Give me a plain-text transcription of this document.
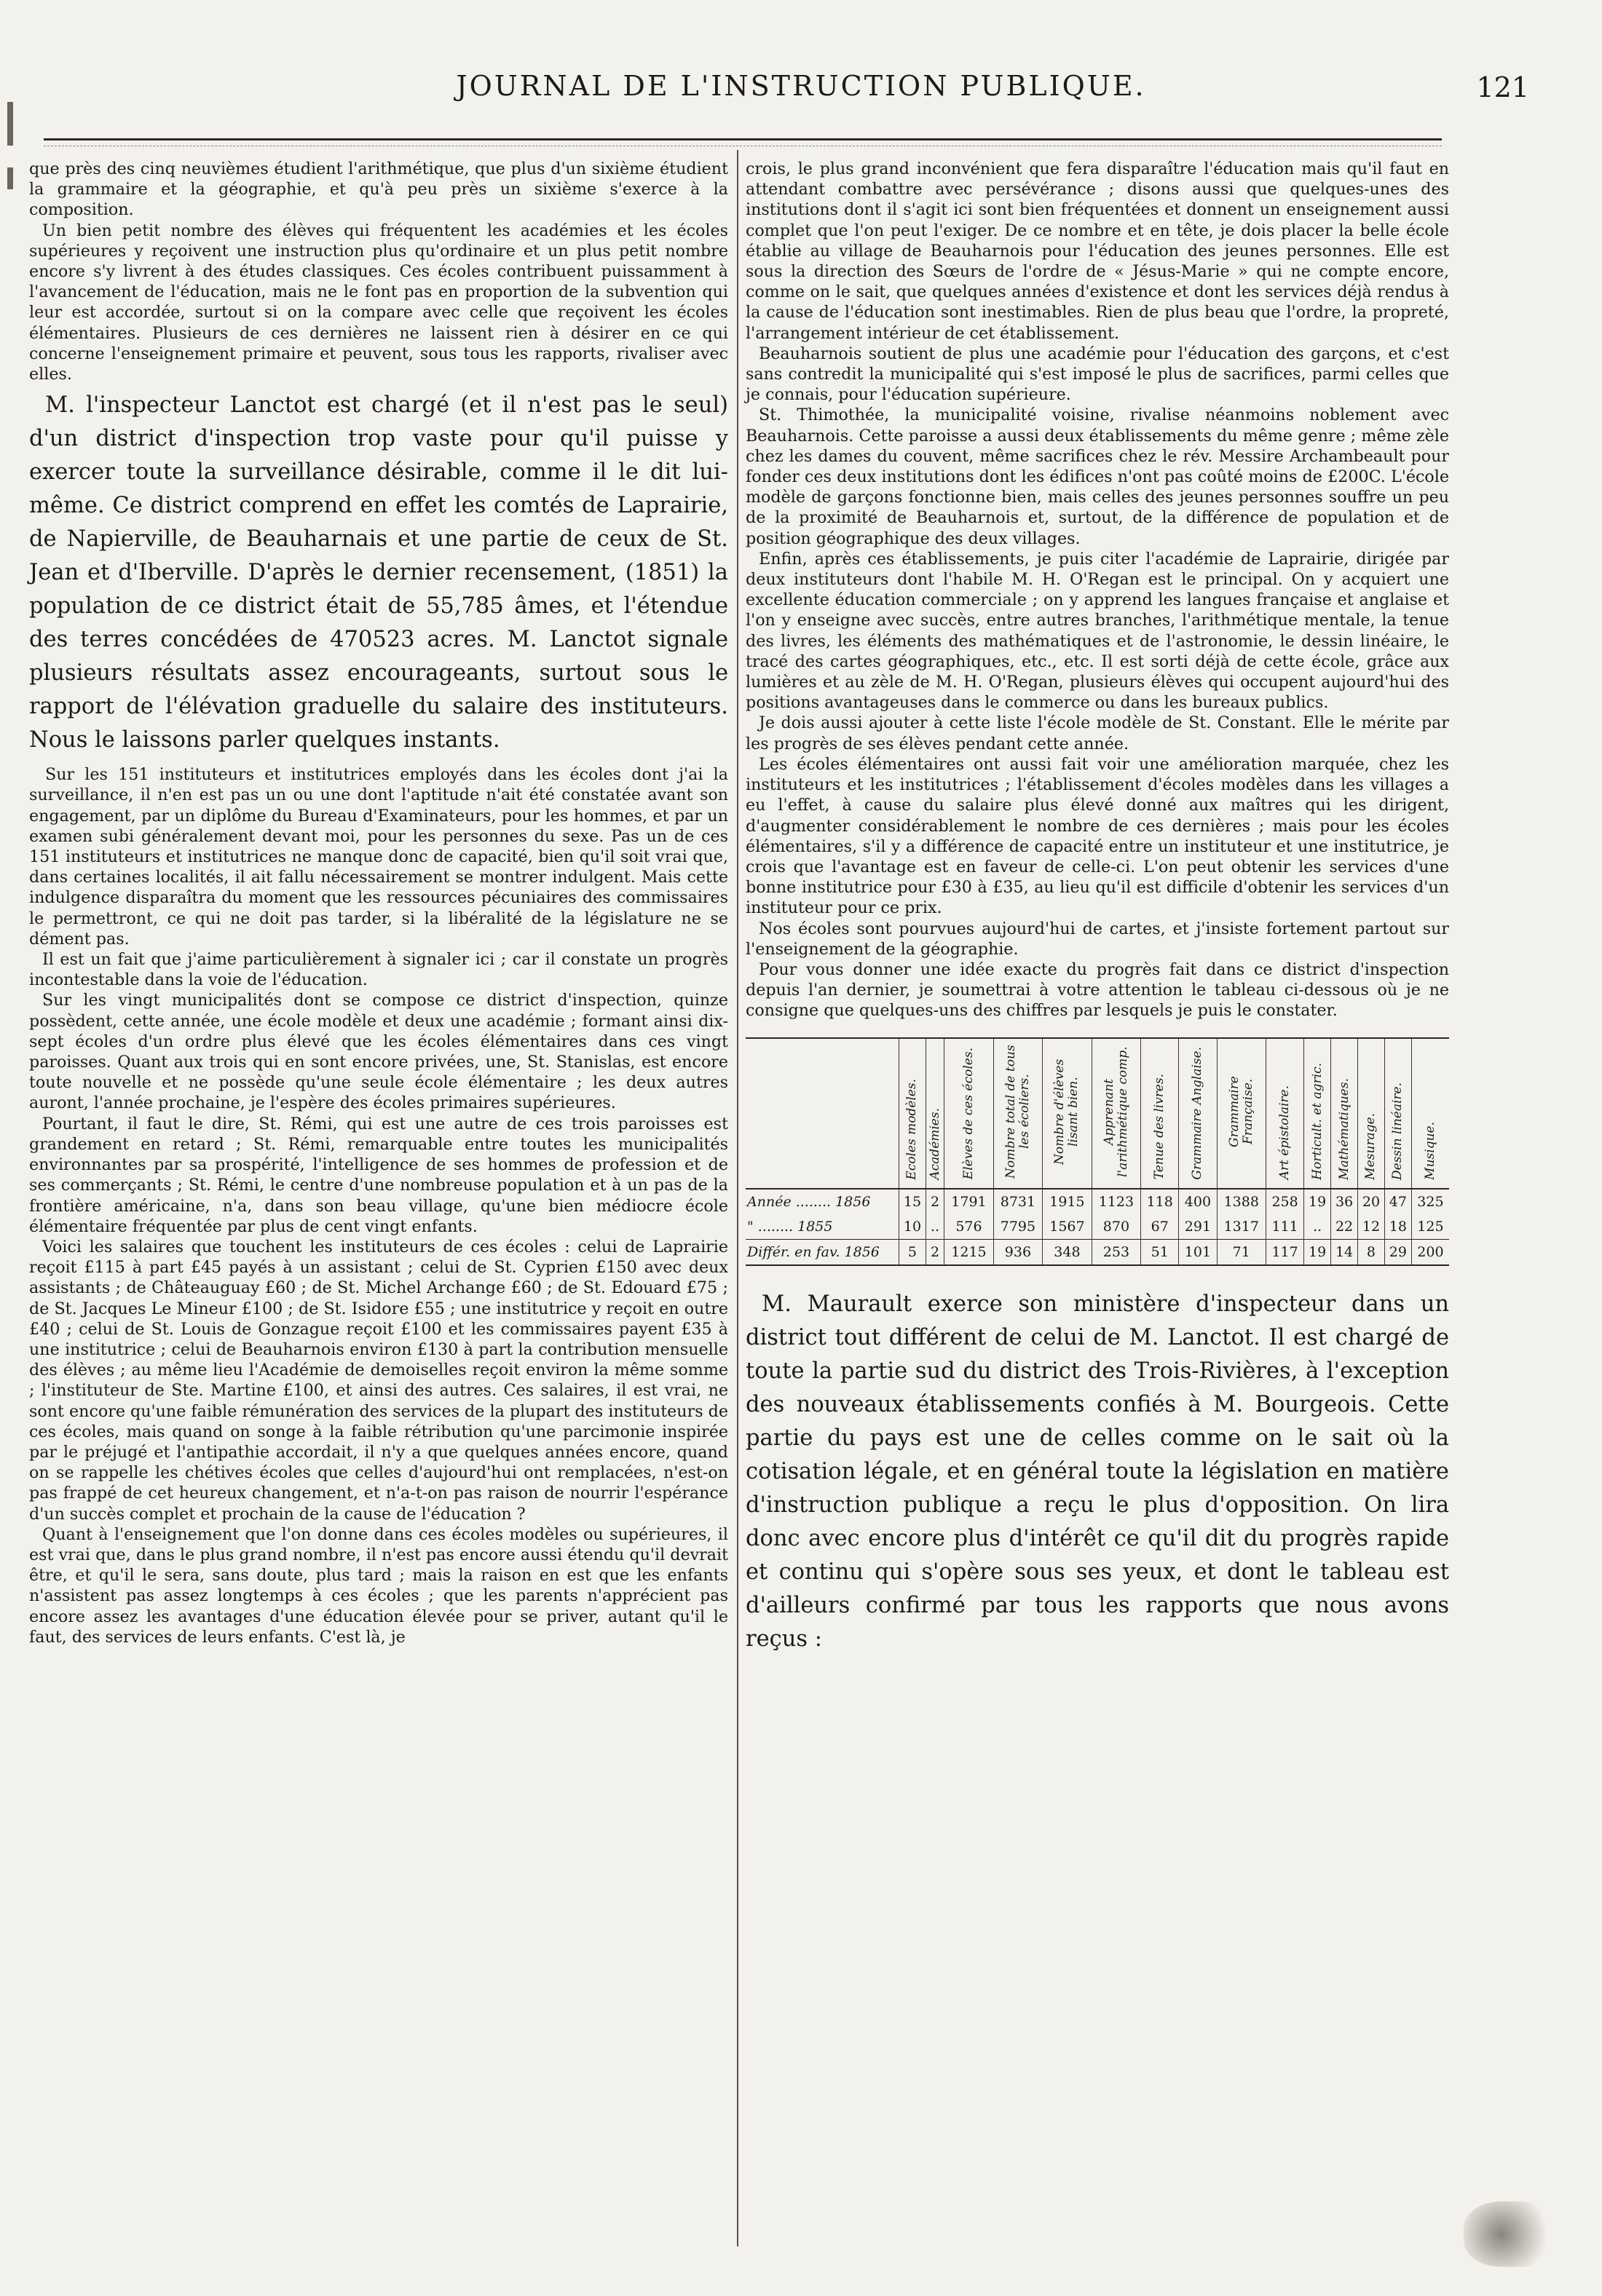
JOURNAL DE L'INSTRUCTION PUBLIQUE.	121

que près des cinq neuvièmes étudient l'arithmétique, que plus d'un sixième étudient la grammaire et la géographie, et qu'à peu près un sixième s'exerce à la composition.

Un bien petit nombre des élèves qui fréquentent les académies et les écoles supérieures y reçoivent une instruction plus qu'ordinaire et un plus petit nombre encore s'y livrent à des études classiques. Ces écoles contribuent puissamment à l'avancement de l'éducation, mais ne le font pas en proportion de la subvention qui leur est accordée, surtout si on la compare avec celle que reçoivent les écoles élémentaires. Plusieurs de ces dernières ne laissent rien à désirer en ce qui concerne l'enseignement primaire et peuvent, sous tous les rapports, rivaliser avec elles.

M. l'inspecteur Lanctot est chargé (et il n'est pas le seul) d'un district d'inspection trop vaste pour qu'il puisse y exercer toute la surveillance désirable, comme il le dit lui-même. Ce district comprend en effet les comtés de Laprairie, de Napierville, de Beauharnais et une partie de ceux de St. Jean et d'Iberville. D'après le dernier recensement, (1851) la population de ce district était de 55,785 âmes, et l'étendue des terres concédées de 470523 acres. M. Lanctot signale plusieurs résultats assez encourageants, surtout sous le rapport de l'élévation graduelle du salaire des instituteurs. Nous le laissons parler quelques instants.

Sur les 151 instituteurs et institutrices employés dans les écoles dont j'ai la surveillance, il n'en est pas un ou une dont l'aptitude n'ait été constatée avant son engagement, par un diplôme du Bureau d'Examinateurs, pour les hommes, et par un examen subi généralement devant moi, pour les personnes du sexe. Pas un de ces 151 instituteurs et institutrices ne manque donc de capacité, bien qu'il soit vrai que, dans certaines localités, il ait fallu nécessairement se montrer indulgent. Mais cette indulgence disparaîtra du moment que les ressources pécuniaires des commissaires le permettront, ce qui ne doit pas tarder, si la libéralité de la législature ne se dément pas.

Il est un fait que j'aime particulièrement à signaler ici ; car il constate un progrès incontestable dans la voie de l'éducation.

Sur les vingt municipalités dont se compose ce district d'inspection, quinze possèdent, cette année, une école modèle et deux une académie ; formant ainsi dix-sept écoles d'un ordre plus élevé que les écoles élémentaires dans ces vingt paroisses. Quant aux trois qui en sont encore privées, une, St. Stanislas, est encore toute nouvelle et ne possède qu'une seule école élémentaire ; les deux autres auront, l'année prochaine, je l'espère des écoles primaires supérieures.

Pourtant, il faut le dire, St. Rémi, qui est une autre de ces trois paroisses est grandement en retard ; St. Rémi, remarquable entre toutes les municipalités environnantes par sa prospérité, l'intelligence de ses hommes de profession et de ses commerçants ; St. Rémi, le centre d'une nombreuse population et à un pas de la frontière américaine, n'a, dans son beau village, qu'une bien médiocre école élémentaire fréquentée par plus de cent vingt enfants.

Voici les salaires que touchent les instituteurs de ces écoles : celui de Laprairie reçoit £115 à part £45 payés à un assistant ; celui de St. Cyprien £150 avec deux assistants ; de Châteauguay £60 ; de St. Michel Archange £60 ; de St. Edouard £75 ; de St. Jacques Le Mineur £100 ; de St. Isidore £55 ; une institutrice y reçoit en outre £40 ; celui de St. Louis de Gonzague reçoit £100 et les commissaires payent £35 à une institutrice ; celui de Beauharnois environ £130 à part la contribution mensuelle des élèves ; au même lieu l'Académie de demoiselles reçoit environ la même somme ; l'instituteur de Ste. Martine £100, et ainsi des autres. Ces salaires, il est vrai, ne sont encore qu'une faible rémunération des services de la plupart des instituteurs de ces écoles, mais quand on songe à la faible rétribution qu'une parcimonie inspirée par le préjugé et l'antipathie accordait, il n'y a que quelques années encore, quand on se rappelle les chétives écoles que celles d'aujourd'hui ont remplacées, n'est-on pas frappé de cet heureux changement, et n'a-t-on pas raison de nourrir l'espérance d'un succès complet et prochain de la cause de l'éducation ?

Quant à l'enseignement que l'on donne dans ces écoles modèles ou supérieures, il est vrai que, dans le plus grand nombre, il n'est pas encore aussi étendu qu'il devrait être, et qu'il le sera, sans doute, plus tard ; mais la raison en est que les enfants n'assistent pas assez longtemps à ces écoles ; que les parents n'apprécient pas encore assez les avantages d'une éducation élevée pour se priver, autant qu'il le faut, des services de leurs enfants. C'est là, je

crois, le plus grand inconvénient que fera disparaître l'éducation mais qu'il faut en attendant combattre avec persévérance ; disons aussi que quelques-unes des institutions dont il s'agit ici sont bien fréquentées et donnent un enseignement aussi complet que l'on peut l'exiger. De ce nombre et en tête, je dois placer la belle école établie au village de Beauharnois pour l'éducation des jeunes personnes. Elle est sous la direction des Sœurs de l'ordre de « Jésus-Marie » qui ne compte encore, comme on le sait, que quelques années d'existence et dont les services déjà rendus à la cause de l'éducation sont inestimables. Rien de plus beau que l'ordre, la propreté, l'arrangement intérieur de cet établissement.

Beauharnois soutient de plus une académie pour l'éducation des garçons, et c'est sans contredit la municipalité qui s'est imposé le plus de sacrifices, parmi celles que je connais, pour l'éducation supérieure.

St. Thimothée, la municipalité voisine, rivalise néanmoins noblement avec Beauharnois. Cette paroisse a aussi deux établissements du même genre ; même zèle chez les dames du couvent, même sacrifices chez le rév. Messire Archambeault pour fonder ces deux institutions dont les édifices n'ont pas coûté moins de £200C. L'école modèle de garçons fonctionne bien, mais celles des jeunes personnes souffre un peu de la proximité de Beauharnois et, surtout, de la différence de population et de position géographique des deux villages.

Enfin, après ces établissements, je puis citer l'académie de Laprairie, dirigée par deux instituteurs dont l'habile M. H. O'Regan est le principal. On y acquiert une excellente éducation commerciale ; on y apprend les langues française et anglaise et l'on y enseigne avec succès, entre autres branches, l'arithmétique mentale, la tenue des livres, les éléments des mathématiques et de l'astronomie, le dessin linéaire, le tracé des cartes géographiques, etc., etc. Il est sorti déjà de cette école, grâce aux lumières et au zèle de M. H. O'Regan, plusieurs élèves qui occupent aujourd'hui des positions avantageuses dans le commerce ou dans les bureaux publics.

Je dois aussi ajouter à cette liste l'école modèle de St. Constant. Elle le mérite par les progrès de ses élèves pendant cette année.

Les écoles élémentaires ont aussi fait voir une amélioration marquée, chez les instituteurs et les institutrices ; l'établissement d'écoles modèles dans les villages a eu l'effet, à cause du salaire plus élevé donné aux maîtres qui les dirigent, d'augmenter considérablement le nombre de ces dernières ; mais pour les écoles élémentaires, s'il y a différence de capacité entre un instituteur et une institutrice, je crois que l'avantage est en faveur de celle-ci. L'on peut obtenir les services d'une bonne institutrice pour £30 à £35, au lieu qu'il est difficile d'obtenir les services d'un instituteur pour ce prix.

Nos écoles sont pourvues aujourd'hui de cartes, et j'insiste fortement partout sur l'enseignement de la géographie.

Pour vous donner une idée exacte du progrès fait dans ce district d'inspection depuis l'an dernier, je soumettrai à votre attention le tableau ci-dessous où je ne consigne que quelques-uns des chiffres par lesquels je puis le constater.

	Ecoles modèles.	Académies.	Elèves de ces écoles.	Nombre total de tous les écoliers.	Nombre d'élèves lisant bien.	Apprenant l'arithmétique comp.	Tenue des livres.	Grammaire Anglaise.	Grammaire Française.	Art épistolaire.	Horticult. et agric.	Mathématiques.	Mesurage.	Dessin linéaire.	Musique.
Année ........ 1856	15	2	1791	8731	1915	1123	118	400	1388	258	19	36	20	47	325
" ........ 1855	10	..	576	7795	1567	870	67	291	1317	111	..	22	12	18	125
Différ. en fav. 1856	5	2	1215	936	348	253	51	101	71	117	19	14	8	29	200

M. Maurault exerce son ministère d'inspecteur dans un district tout différent de celui de M. Lanctot. Il est chargé de toute la partie sud du district des Trois-Rivières, à l'exception des nouveaux établissements confiés à M. Bourgeois. Cette partie du pays est une de celles comme on le sait où la cotisation légale, et en général toute la législation en matière d'instruction publique a reçu le plus d'opposition. On lira donc avec encore plus d'intérêt ce qu'il dit du progrès rapide et continu qui s'opère sous ses yeux, et dont le tableau est d'ailleurs confirmé par tous les rapports que nous avons reçus :
